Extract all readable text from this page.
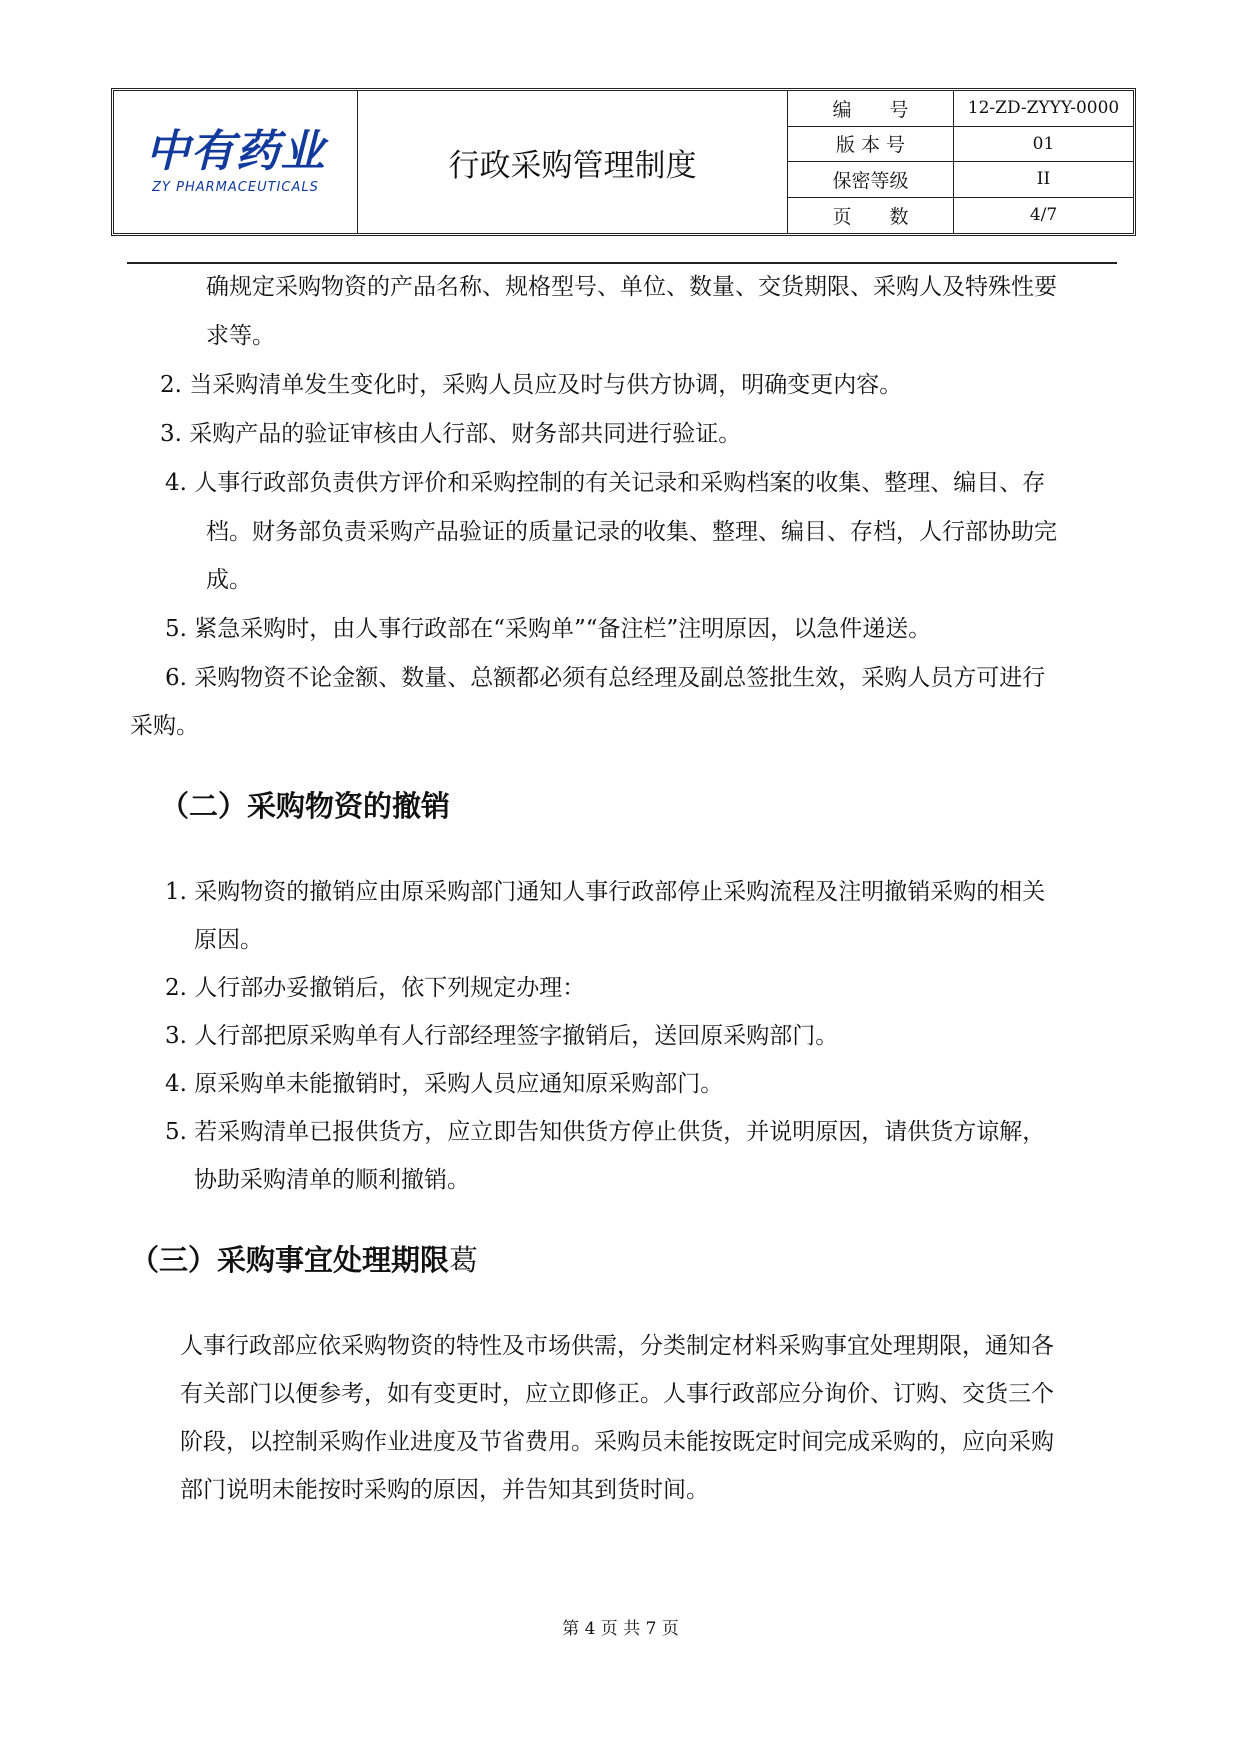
中有药业
ZY PHARMACEUTICALS
行政采购管理制度
编　　号	12-ZD-ZYYY-0000
版 本 号	01
保密等级	II
页　　数	4/7
确规定采购物资的产品名称、规格型号、单位、数量、交货期限、采购人及特殊性要
求等。
2. 当采购清单发生变化时，采购人员应及时与供方协调，明确变更内容。
3. 采购产品的验证审核由人行部、财务部共同进行验证。
4. 人事行政部负责供方评价和采购控制的有关记录和采购档案的收集、整理、编目、存
档。财务部负责采购产品验证的质量记录的收集、整理、编目、存档，人行部协助完
成。
5. 紧急采购时，由人事行政部在“采购单”“备注栏”注明原因，以急件递送。
6. 采购物资不论金额、数量、总额都必须有总经理及副总签批生效，采购人员方可进行
采购。
（二）采购物资的撤销
1. 采购物资的撤销应由原采购部门通知人事行政部停止采购流程及注明撤销采购的相关
原因。
2. 人行部办妥撤销后，依下列规定办理：
3. 人行部把原采购单有人行部经理签字撤销后，送回原采购部门。
4. 原采购单未能撤销时，采购人员应通知原采购部门。
5. 若采购清单已报供货方，应立即告知供货方停止供货，并说明原因，请供货方谅解，
协助采购清单的顺利撤销。
（三）采购事宜处理期限葛
人事行政部应依采购物资的特性及市场供需，分类制定材料采购事宜处理期限，通知各
有关部门以便参考，如有变更时，应立即修正。人事行政部应分询价、订购、交货三个
阶段，以控制采购作业进度及节省费用。采购员未能按既定时间完成采购的，应向采购
部门说明未能按时采购的原因，并告知其到货时间。
第 4 页 共 7 页
